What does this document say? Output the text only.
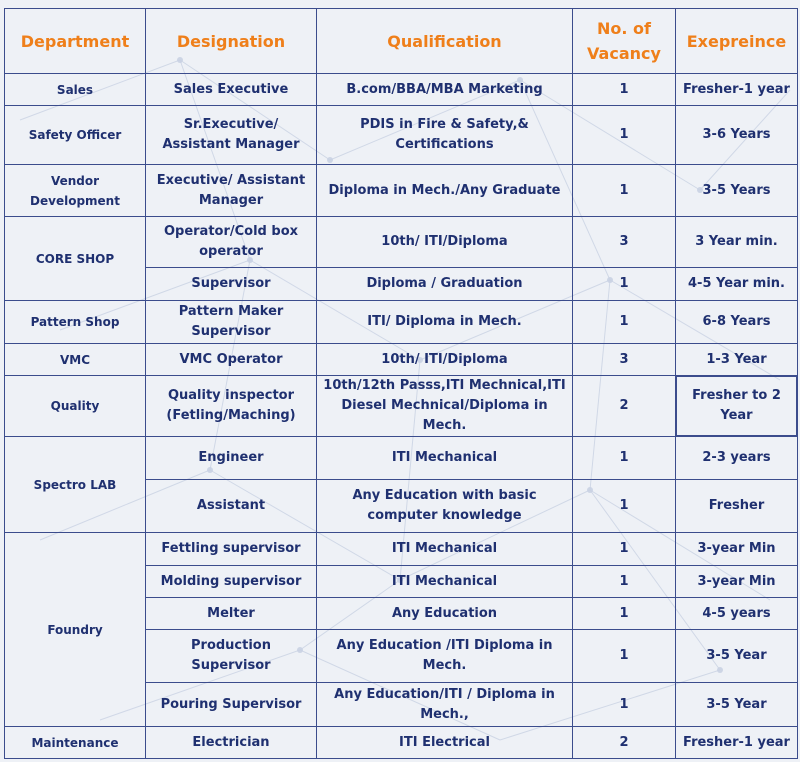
Department	Designation	Qualification	No. of Vacancy	Exepreince
Sales	Sales Executive	B.com/BBA/MBA Marketing	1	Fresher-1 year
Safety Officer	Sr.Executive/ Assistant Manager	PDIS in Fire & Safety,& Certifications	1	3-6 Years
Vendor Development	Executive/ Assistant Manager	Diploma in Mech./Any Graduate	1	3-5 Years
CORE SHOP	Operator/Cold box operator	10th/ ITI/Diploma	3	3 Year min.
	Supervisor	Diploma / Graduation	1	4-5 Year min.
Pattern Shop	Pattern Maker Supervisor	ITI/ Diploma in Mech.	1	6-8 Years
VMC	VMC Operator	10th/ ITI/Diploma	3	1-3 Year
Quality	Quality inspector (Fetling/Maching)	10th/12th Passs,ITI Mechnical,ITI Diesel Mechnical/Diploma in Mech.	2	Fresher to 2 Year
Spectro LAB	Engineer	ITI Mechanical	1	2-3 years
	Assistant	Any Education with basic computer knowledge	1	Fresher
Foundry	Fettling supervisor	ITI Mechanical	1	3-year Min
	Molding supervisor	ITI Mechanical	1	3-year Min
	Melter	Any Education	1	4-5 years
	Production Supervisor	Any Education /ITI Diploma in Mech.	1	3-5 Year
	Pouring Supervisor	Any Education/ITI / Diploma in Mech.,	1	3-5 Year
Maintenance	Electrician	ITI Electrical	2	Fresher-1 year
